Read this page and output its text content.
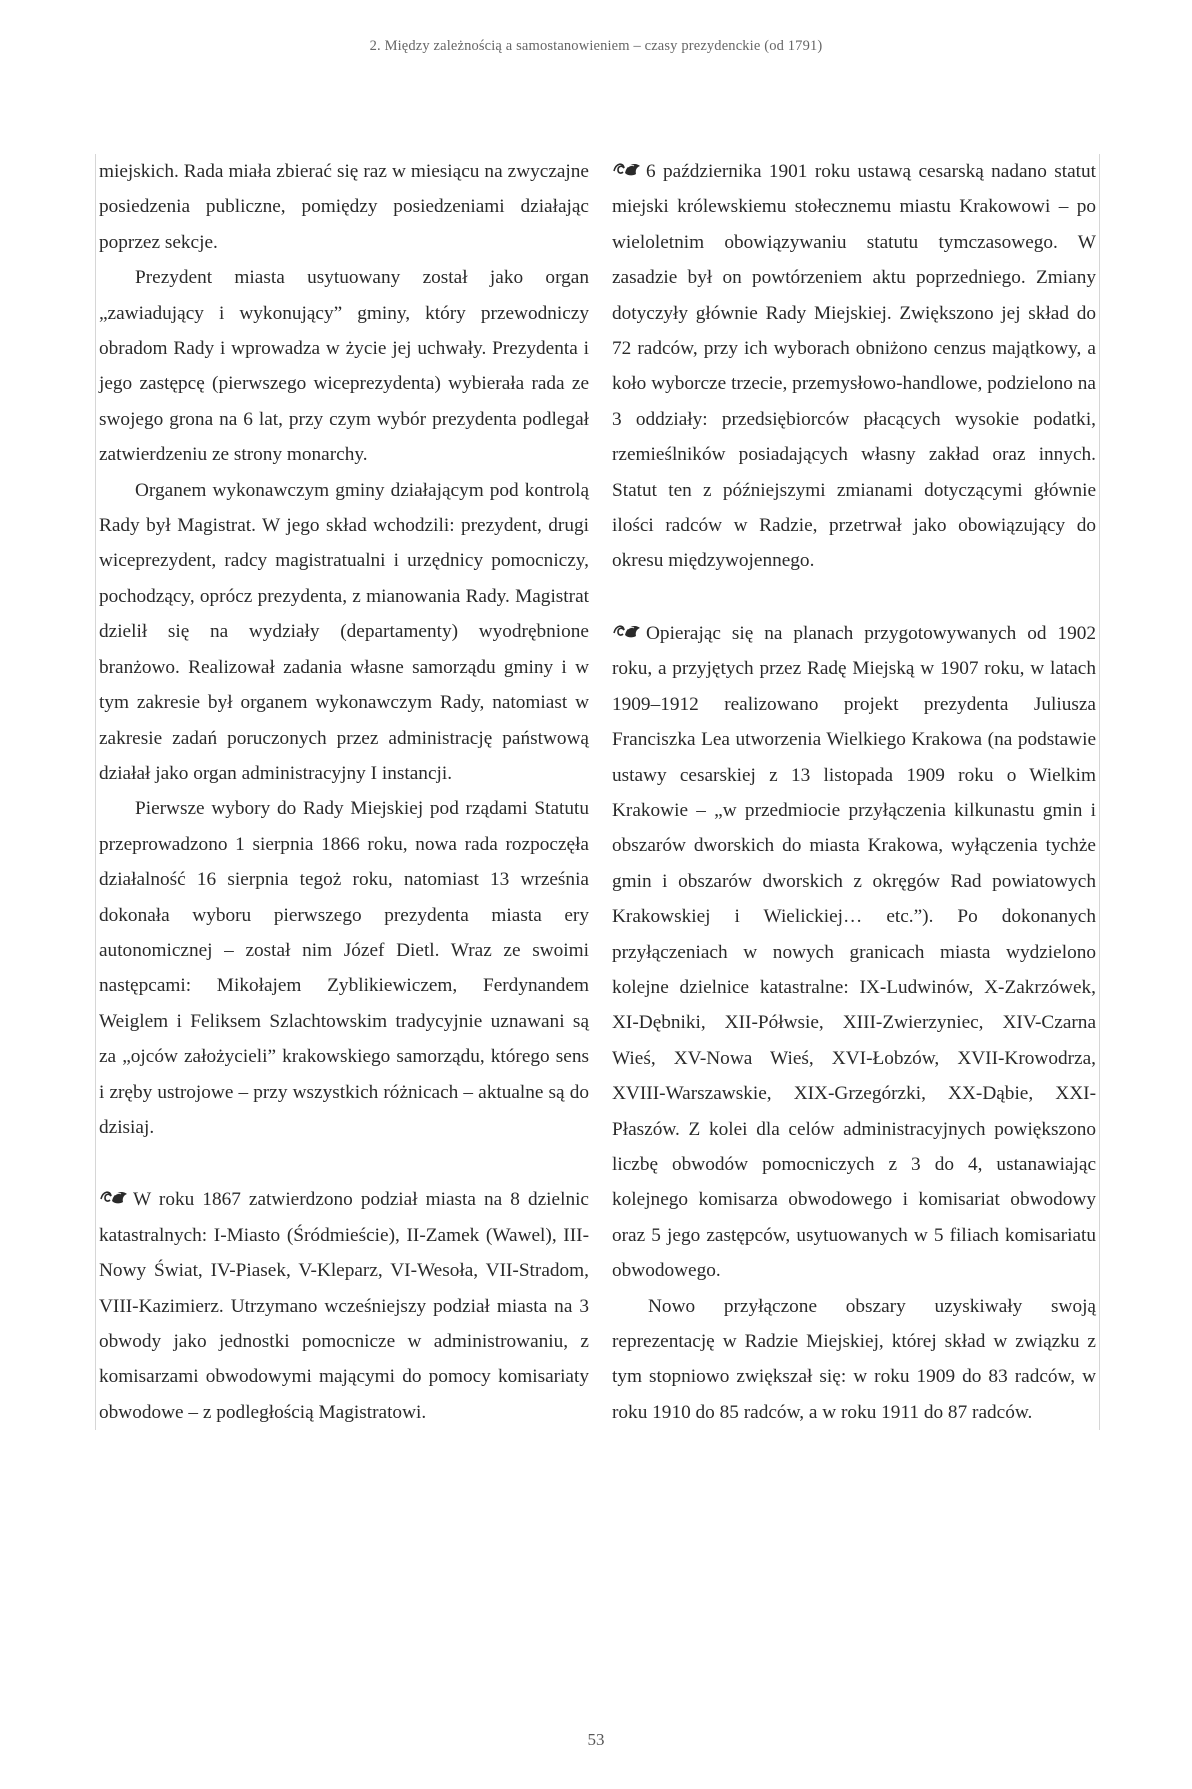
2. Między zależnością a samostanowieniem – czasy prezydenckie (od 1791)

miejskich. Rada miała zbierać się raz w miesiącu na zwyczajne posiedzenia publiczne, pomiędzy posiedzeniami działając poprzez sekcje.

Prezydent miasta usytuowany został jako organ „zawiadujący i wykonujący” gminy, który przewodniczy obradom Rady i wprowadza w życie jej uchwały. Prezydenta i jego zastępcę (pierwszego wiceprezydenta) wybierała rada ze swojego grona na 6 lat, przy czym wybór prezydenta podlegał zatwierdzeniu ze strony monarchy.

Organem wykonawczym gminy działającym pod kontrolą Rady był Magistrat. W jego skład wchodzili: prezydent, drugi wiceprezydent, radcy magistratualni i urzędnicy pomocniczy, pochodzący, oprócz prezydenta, z mianowania Rady. Magistrat dzielił się na wydziały (departamenty) wyodrębnione branżowo. Realizował zadania własne samorządu gminy i w tym zakresie był organem wykonawczym Rady, natomiast w zakresie zadań poruczonych przez administrację państwową działał jako organ administracyjny I instancji.

Pierwsze wybory do Rady Miejskiej pod rządami Statutu przeprowadzono 1 sierpnia 1866 roku, nowa rada rozpoczęła działalność 16 sierpnia tegoż roku, natomiast 13 września dokonała wyboru pierwszego prezydenta miasta ery autonomicznej – został nim Józef Dietl. Wraz ze swoimi następcami: Mikołajem Zyblikiewiczem, Ferdynandem Weiglem i Feliksem Szlachtowskim tradycyjnie uznawani są za „ojców założycieli” krakowskiego samorządu, którego sens i zręby ustrojowe – przy wszystkich różnicach – aktualne są do dzisiaj.

W roku 1867 zatwierdzono podział miasta na 8 dzielnic katastralnych: I-Miasto (Śródmieście), II-Zamek (Wawel), III-Nowy Świat, IV-Piasek, V-Kleparz, VI-Wesoła, VII-Stradom, VIII-Kazimierz. Utrzymano wcześniejszy podział miasta na 3 obwody jako jednostki pomocnicze w administrowaniu, z komisarzami obwodowymi mającymi do pomocy komisariaty obwodowe – z podległością Magistratowi.

6 października 1901 roku ustawą cesarską nadano statut miejski królewskiemu stołecznemu miastu Krakowowi – po wieloletnim obowiązywaniu statutu tymczasowego. W zasadzie był on powtórzeniem aktu poprzedniego. Zmiany dotyczyły głównie Rady Miejskiej. Zwiększono jej skład do 72 radców, przy ich wyborach obniżono cenzus majątkowy, a koło wyborcze trzecie, przemysłowo-handlowe, podzielono na 3 oddziały: przedsiębiorców płacących wysokie podatki, rzemieślników posiadających własny zakład oraz innych. Statut ten z późniejszymi zmianami dotyczącymi głównie ilości radców w Radzie, przetrwał jako obowiązujący do okresu międzywojennego.

Opierając się na planach przygotowywanych od 1902 roku, a przyjętych przez Radę Miejską w 1907 roku, w latach 1909–1912 realizowano projekt prezydenta Juliusza Franciszka Lea utworzenia Wielkiego Krakowa (na podstawie ustawy cesarskiej z 13 listopada 1909 roku o Wielkim Krakowie – „w przedmiocie przyłączenia kilkunastu gmin i obszarów dworskich do miasta Krakowa, wyłączenia tychże gmin i obszarów dworskich z okręgów Rad powiatowych Krakowskiej i Wielickiej… etc.”). Po dokonanych przyłączeniach w nowych granicach miasta wydzielono kolejne dzielnice katastralne: IX-Ludwinów, X-Zakrzówek, XI-Dębniki, XII-Półwsie, XIII-Zwierzyniec, XIV-Czarna Wieś, XV-Nowa Wieś, XVI-Łobzów, XVII-Krowodrza, XVIII-Warszawskie, XIX-Grzegórzki, XX-Dąbie, XXI-Płaszów. Z kolei dla celów administracyjnych powiększono liczbę obwodów pomocniczych z 3 do 4, ustanawiając kolejnego komisarza obwodowego i komisariat obwodowy oraz 5 jego zastępców, usytuowanych w 5 filiach komisariatu obwodowego.

Nowo przyłączone obszary uzyskiwały swoją reprezentację w Radzie Miejskiej, której skład w związku z tym stopniowo zwiększał się: w roku 1909 do 83 radców, w roku 1910 do 85 radców, a w roku 1911 do 87 radców.

53
